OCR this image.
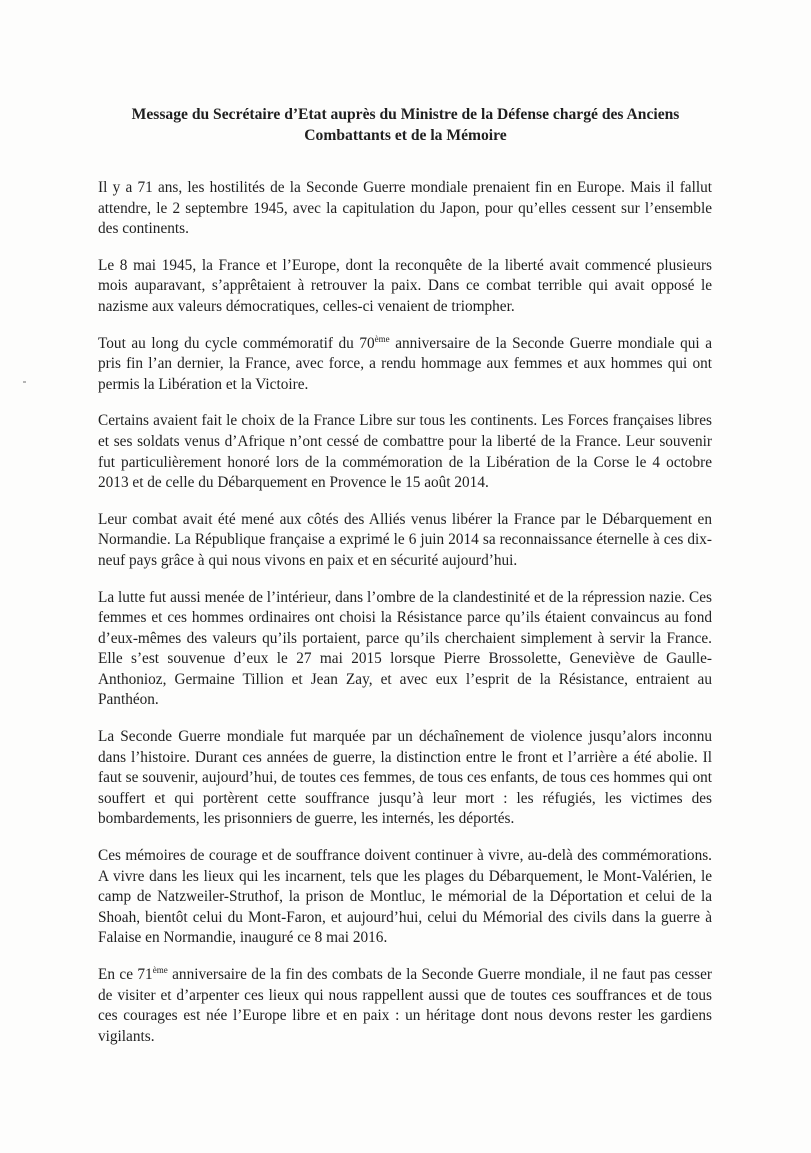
Message du Secrétaire d’Etat auprès du Ministre de la Défense chargé des Anciens
Combattants et de la Mémoire

Il y a 71 ans, les hostilités de la Seconde Guerre mondiale prenaient fin en Europe. Mais il fallut attendre, le 2 septembre 1945, avec la capitulation du Japon, pour qu’elles cessent sur l’ensemble des continents.

Le 8 mai 1945, la France et l’Europe, dont la reconquête de la liberté avait commencé plusieurs mois auparavant, s’apprêtaient à retrouver la paix. Dans ce combat terrible qui avait opposé le nazisme aux valeurs démocratiques, celles-ci venaient de triompher.

Tout au long du cycle commémoratif du 70ème anniversaire de la Seconde Guerre mondiale qui a pris fin l’an dernier, la France, avec force, a rendu hommage aux femmes et aux hommes qui ont permis la Libération et la Victoire.

Certains avaient fait le choix de la France Libre sur tous les continents. Les Forces françaises libres et ses soldats venus d’Afrique n’ont cessé de combattre pour la liberté de la France. Leur souvenir fut particulièrement honoré lors de la commémoration de la Libération de la Corse le 4 octobre 2013 et de celle du Débarquement en Provence le 15 août 2014.

Leur combat avait été mené aux côtés des Alliés venus libérer la France par le Débarquement en Normandie. La République française a exprimé le 6 juin 2014 sa reconnaissance éternelle à ces dix-neuf pays grâce à qui nous vivons en paix et en sécurité aujourd’hui.

La lutte fut aussi menée de l’intérieur, dans l’ombre de la clandestinité et de la répression nazie. Ces femmes et ces hommes ordinaires ont choisi la Résistance parce qu’ils étaient convaincus au fond d’eux-mêmes des valeurs qu’ils portaient, parce qu’ils cherchaient simplement à servir la France. Elle s’est souvenue d’eux le 27 mai 2015 lorsque Pierre Brossolette, Geneviève de Gaulle-Anthonioz, Germaine Tillion et Jean Zay, et avec eux l’esprit de la Résistance, entraient au Panthéon.

La Seconde Guerre mondiale fut marquée par un déchaînement de violence jusqu’alors inconnu dans l’histoire. Durant ces années de guerre, la distinction entre le front et l’arrière a été abolie. Il faut se souvenir, aujourd’hui, de toutes ces femmes, de tous ces enfants, de tous ces hommes qui ont souffert et qui portèrent cette souffrance jusqu’à leur mort : les réfugiés, les victimes des bombardements, les prisonniers de guerre, les internés, les déportés.

Ces mémoires de courage et de souffrance doivent continuer à vivre, au-delà des commémorations. A vivre dans les lieux qui les incarnent, tels que les plages du Débarquement, le Mont-Valérien, le camp de Natzweiler-Struthof, la prison de Montluc, le mémorial de la Déportation et celui de la Shoah, bientôt celui du Mont-Faron, et aujourd’hui, celui du Mémorial des civils dans la guerre à Falaise en Normandie, inauguré ce 8 mai 2016.

En ce 71ème anniversaire de la fin des combats de la Seconde Guerre mondiale, il ne faut pas cesser de visiter et d’arpenter ces lieux qui nous rappellent aussi que de toutes ces souffrances et de tous ces courages est née l’Europe libre et en paix : un héritage dont nous devons rester les gardiens vigilants.
